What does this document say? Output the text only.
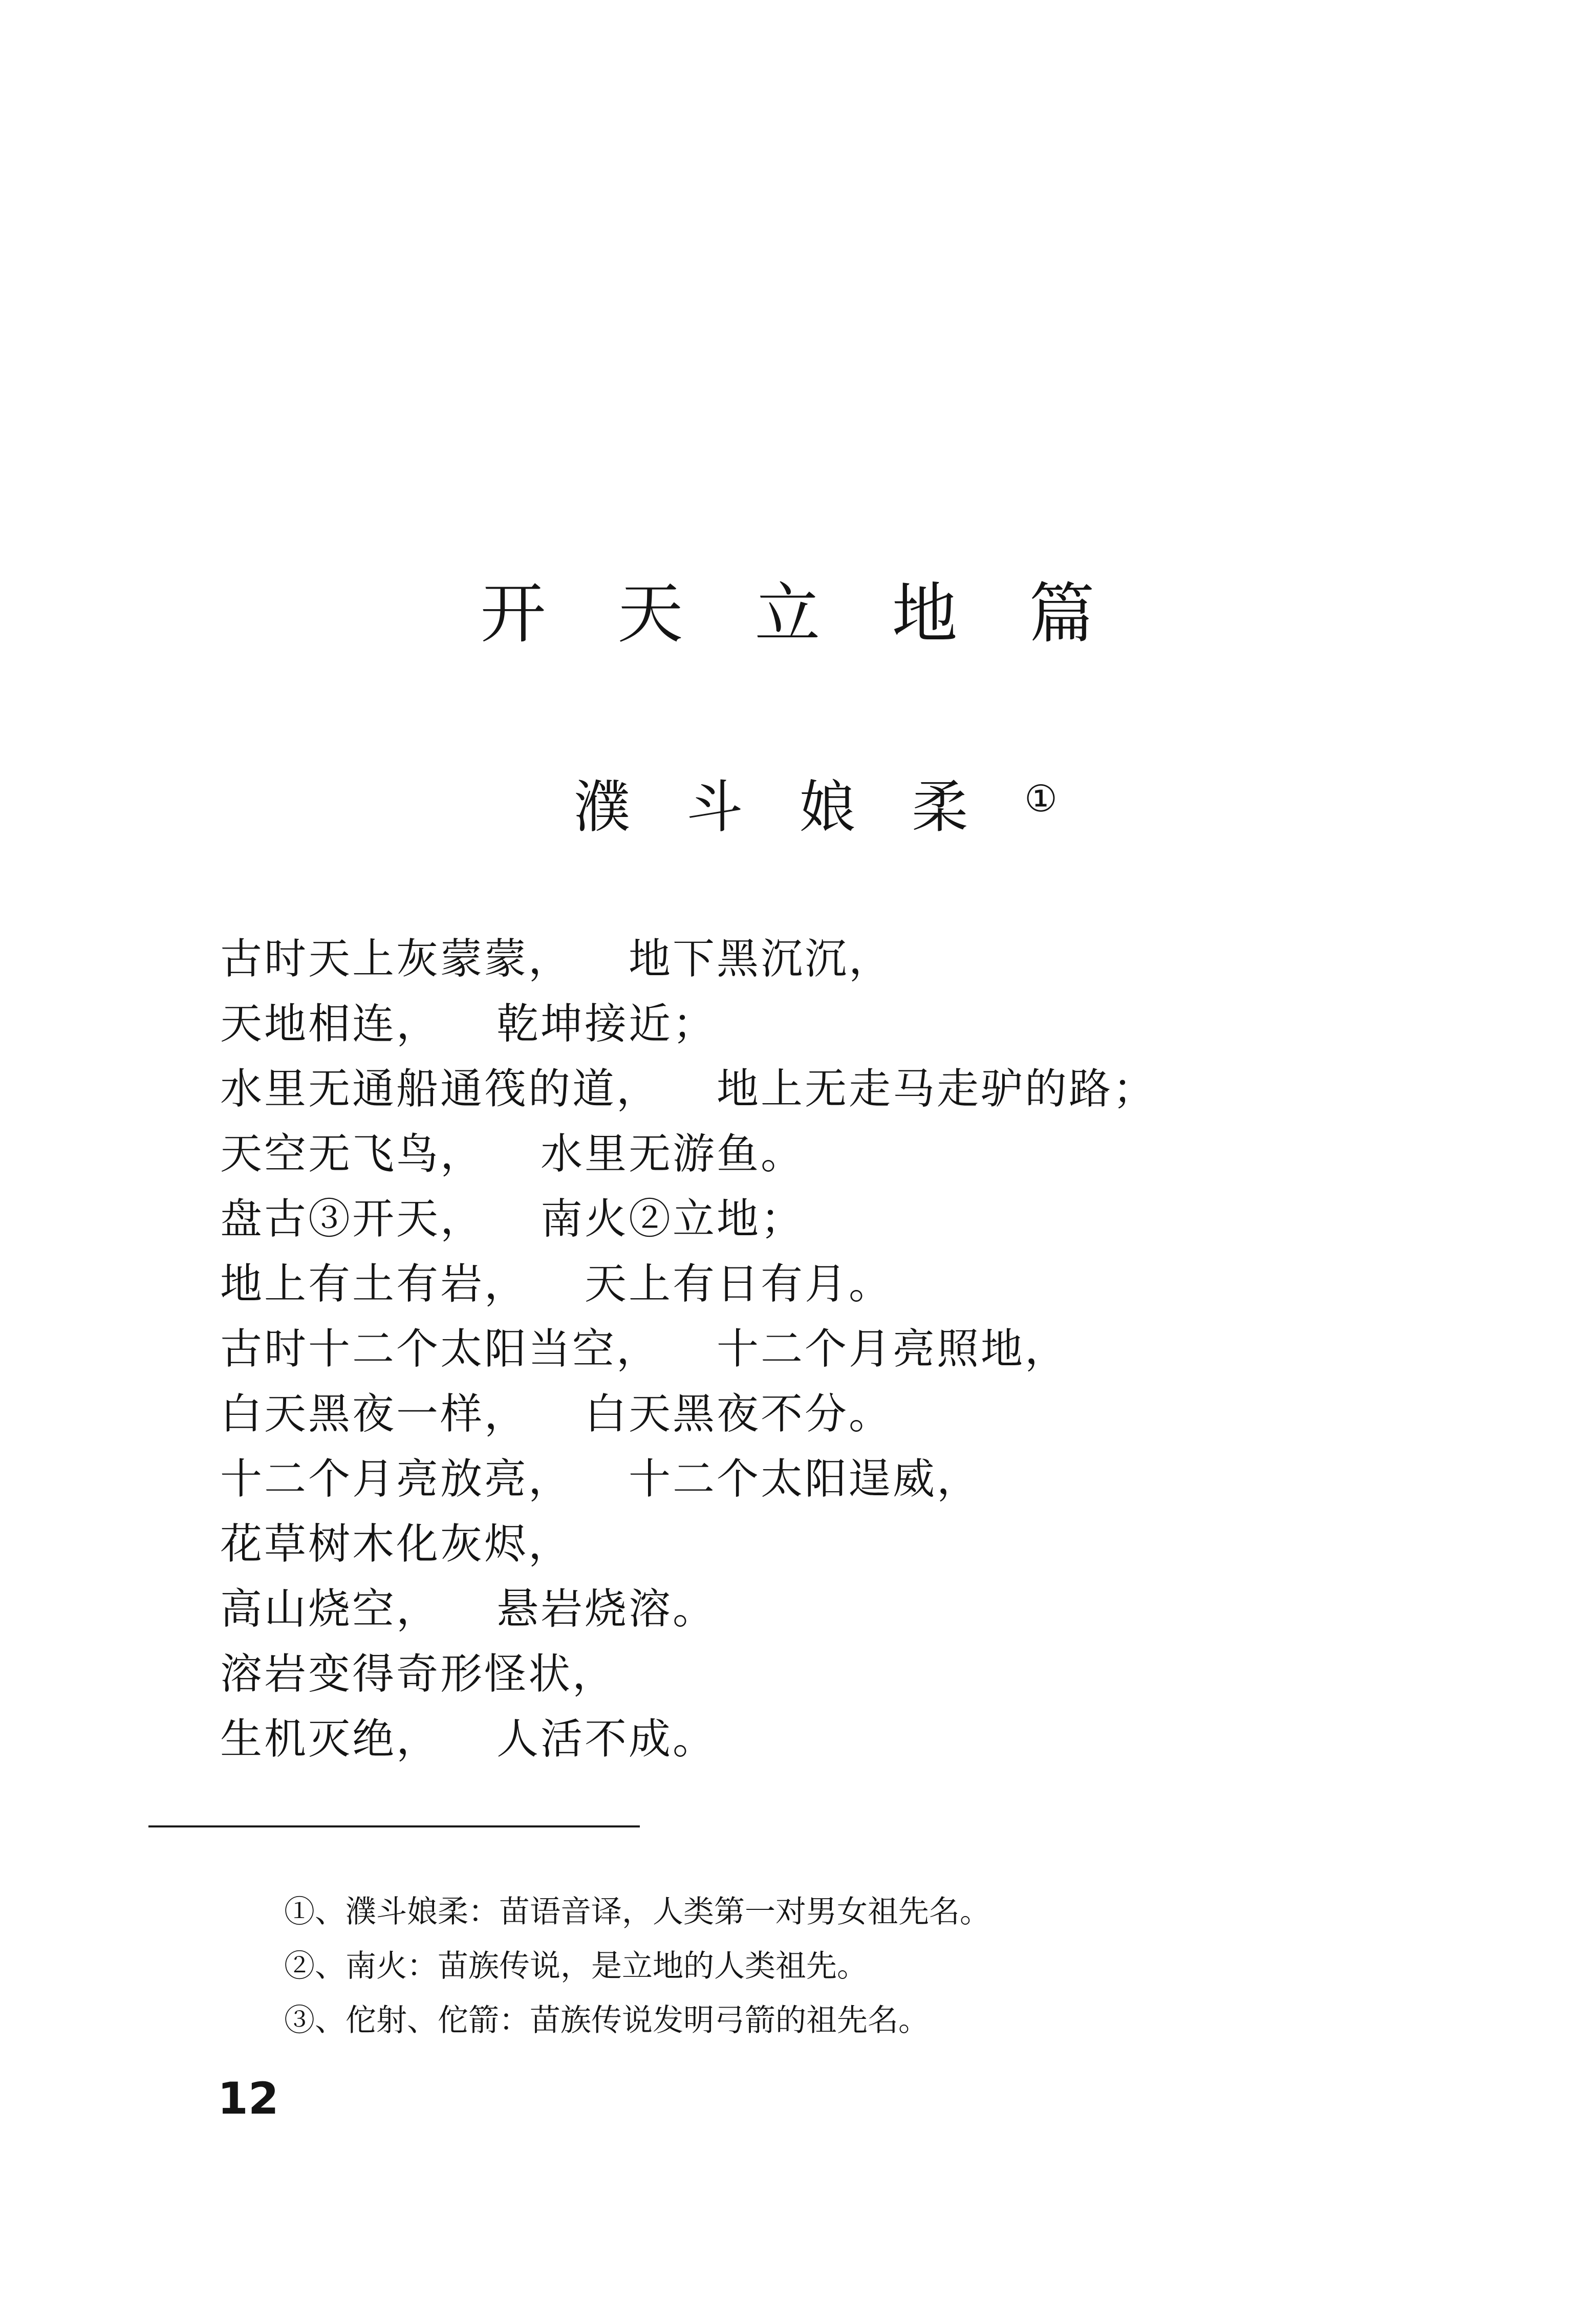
开天立地篇
濮斗娘柔①
古时天上灰蒙蒙， 地下黑沉沉，
天地相连， 乾坤接近；
水里无通船通筏的道， 地上无走马走驴的路；
天空无飞鸟， 水里无游鱼。
盘古③开天， 南火②立地；
地上有土有岩， 天上有日有月。
古时十二个太阳当空， 十二个月亮照地，
白天黑夜一样， 白天黑夜不分。
十二个月亮放亮， 十二个太阳逞威，
花草树木化灰烬，
高山烧空， 悬岩烧溶。
溶岩变得奇形怪状，
生机灭绝， 人活不成。
①、濮斗娘柔：苗语音译，人类第一对男女祖先名。
②、南火：苗族传说，是立地的人类祖先。
③、佗射、佗箭：苗族传说发明弓箭的祖先名。
12
